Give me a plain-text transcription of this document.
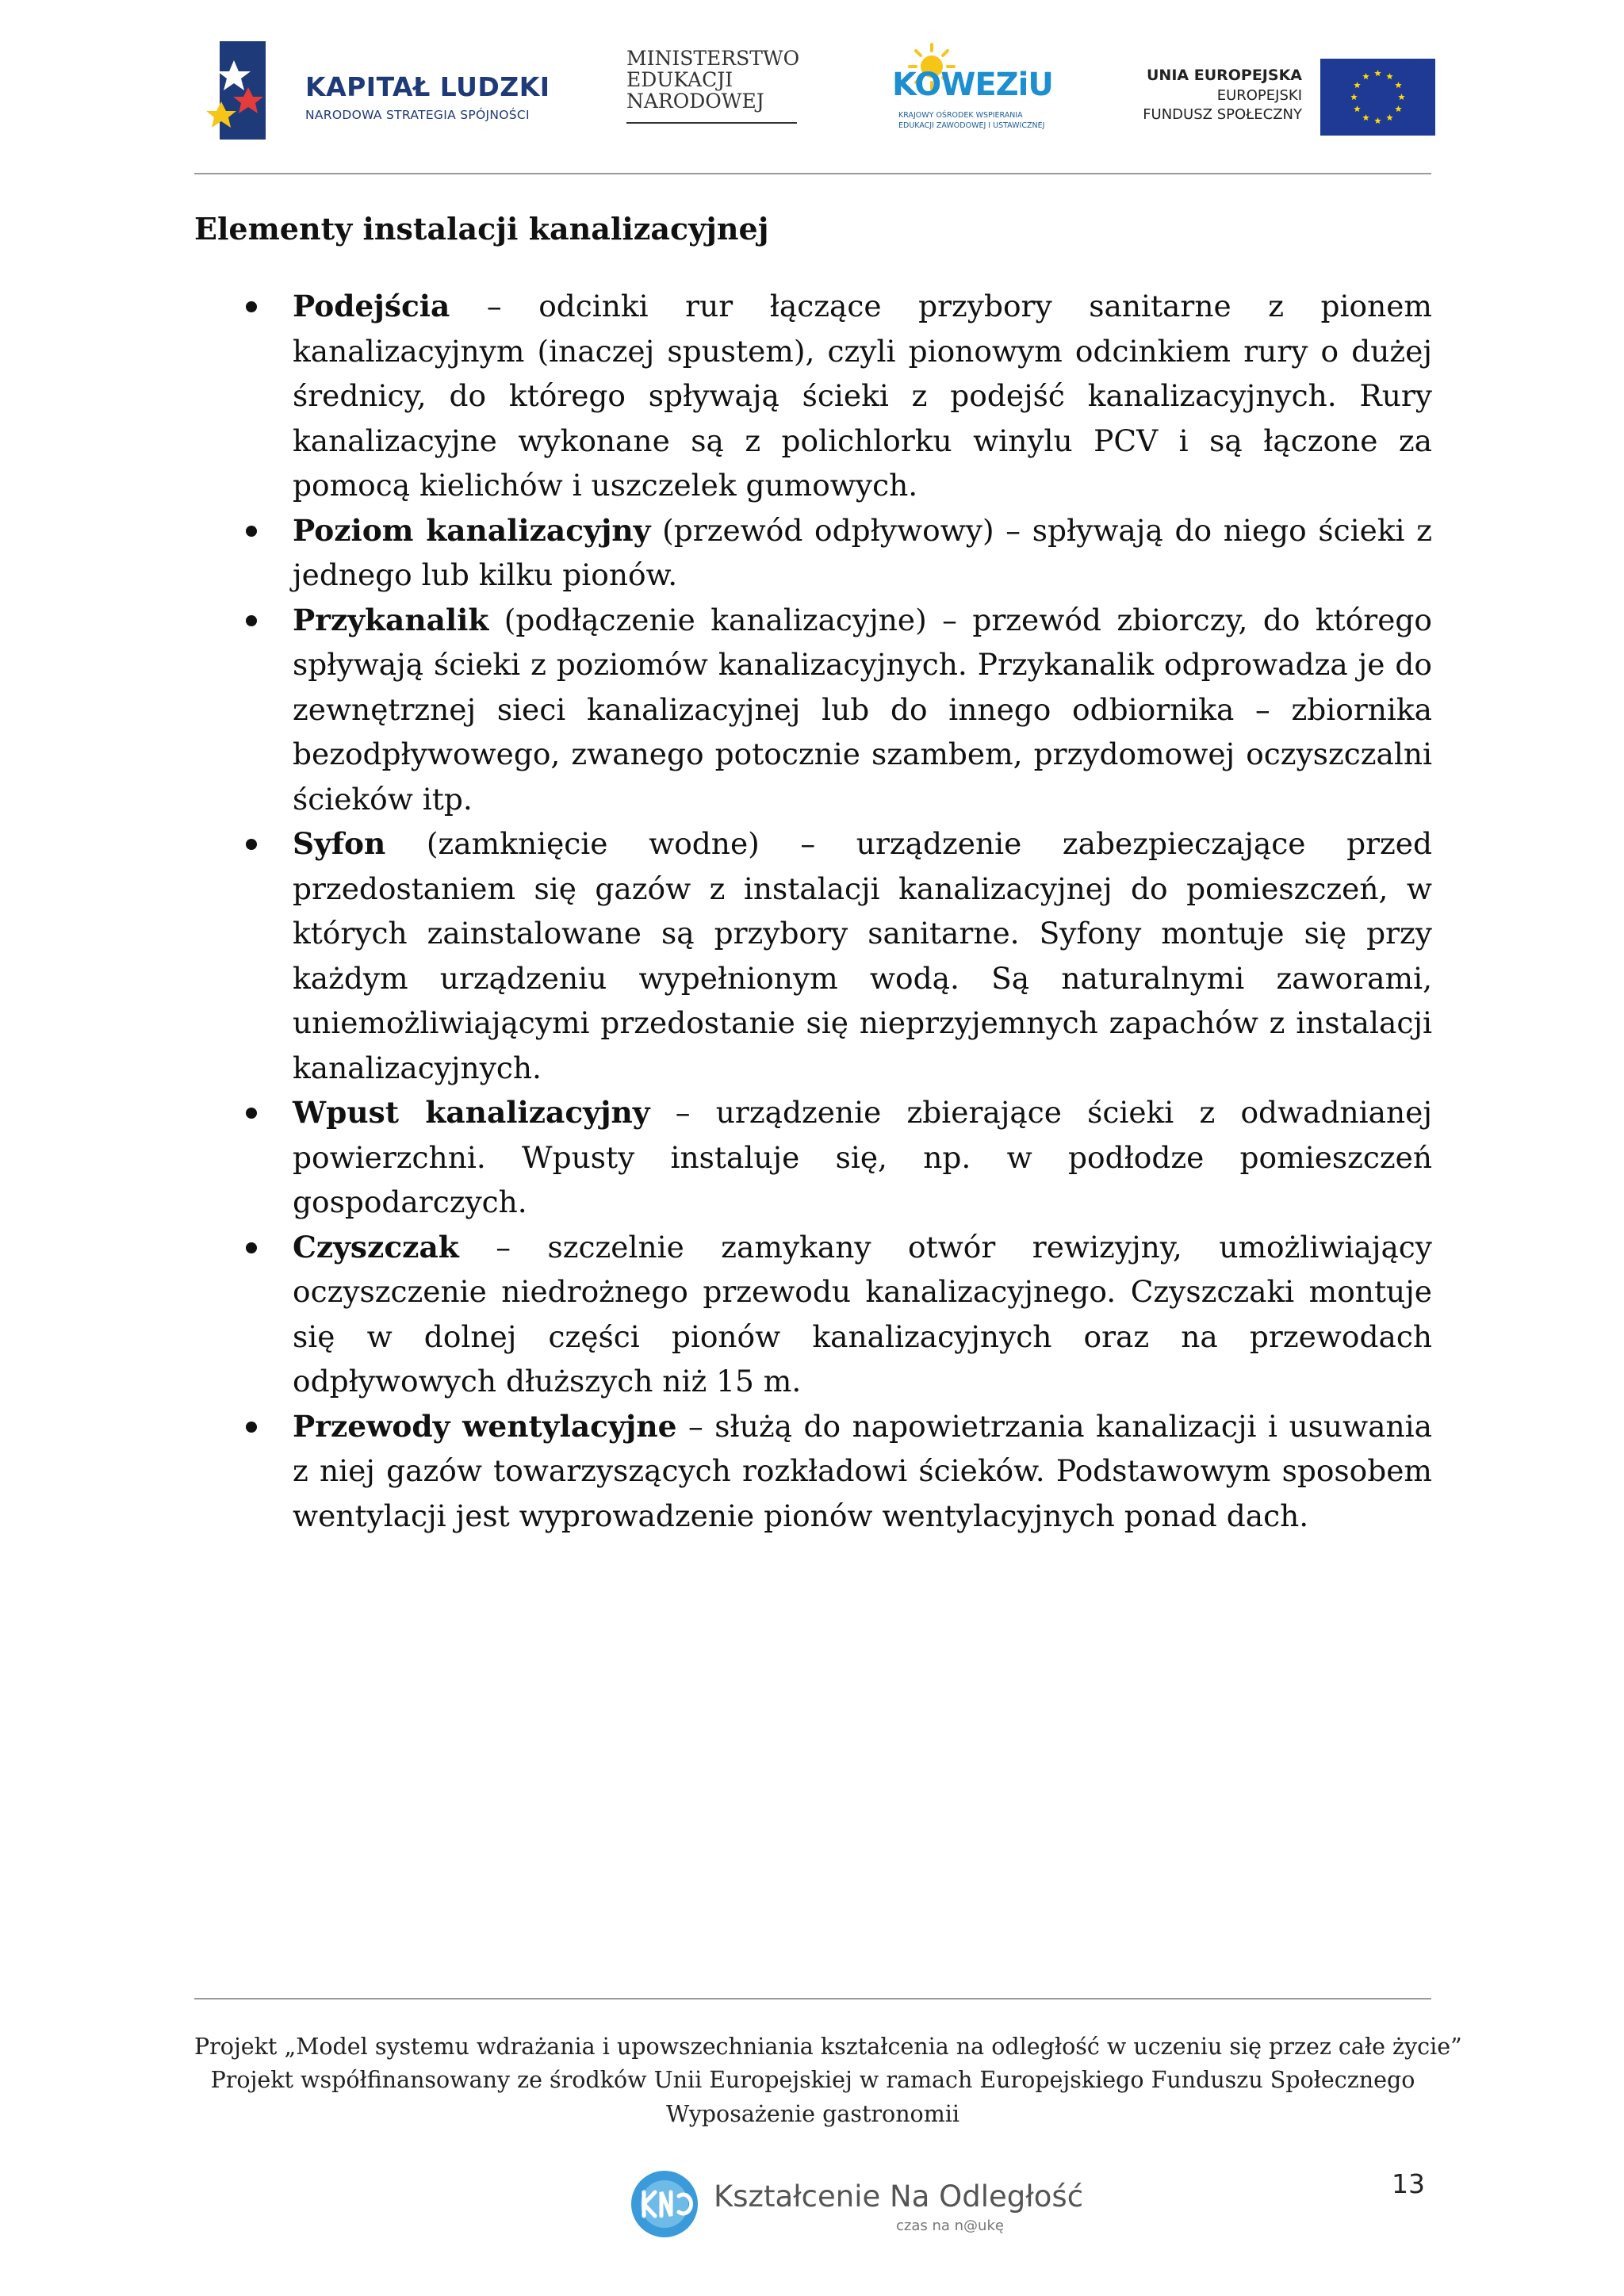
KAPITAŁ LUDZKI
NARODOWA STRATEGIA SPÓJNOŚCI
MINISTERSTWO
EDUKACJI
NARODOWEJ	KOWEZiU
KRAJOWY OŚRODEK WSPIERANIA
EDUKACJI ZAWODOWEJ I USTAWICZNEJ
UNIA EUROPEJSKA
EUROPEJSKI
FUNDUSZ SPOŁECZNY
Elementy instalacji kanalizacyjnej
Podejścia – odcinki rur łączące przybory sanitarne z pionem kanalizacyjnym (inaczej spustem), czyli pionowym odcinkiem rury o dużej średnicy, do którego spływają ścieki z podejść kanalizacyjnych. Rury kanalizacyjne wykonane są z polichlorku winylu PCV i są łączone za pomocą kielichów i uszczelek gumowych.
Poziom kanalizacyjny (przewód odpływowy) – spływają do niego ścieki z jednego lub kilku pionów.
Przykanalik (podłączenie kanalizacyjne) – przewód zbiorczy, do którego spływają ścieki z poziomów kanalizacyjnych. Przykanalik odprowadza je do zewnętrznej sieci kanalizacyjnej lub do innego odbiornika – zbiornika bezodpływowego, zwanego potocznie szambem, przydomowej oczyszczalni ścieków itp.
Syfon (zamknięcie wodne) – urządzenie zabezpieczające przed przedostaniem się gazów z instalacji kanalizacyjnej do pomieszczeń, w których zainstalowane są przybory sanitarne. Syfony montuje się przy każdym urządzeniu wypełnionym wodą. Są naturalnymi zaworami, uniemożliwiającymi przedostanie się nieprzyjemnych zapachów z instalacji kanalizacyjnych.
Wpust kanalizacyjny – urządzenie zbierające ścieki z odwadnianej powierzchni. Wpusty instaluje się, np. w podłodze pomieszczeń gospodarczych.
Czyszczak – szczelnie zamykany otwór rewizyjny, umożliwiający oczyszczenie niedrożnego przewodu kanalizacyjnego. Czyszczaki montuje się w dolnej części pionów kanalizacyjnych oraz na przewodach odpływowych dłuższych niż 15 m.
Przewody wentylacyjne – służą do napowietrzania kanalizacji i usuwania z niej gazów towarzyszących rozkładowi ścieków. Podstawowym sposobem wentylacji jest wyprowadzenie pionów wentylacyjnych ponad dach.
Projekt „Model systemu wdrażania i upowszechniania kształcenia na odległość w uczeniu się przez całe życie”
Projekt współfinansowany ze środków Unii Europejskiej w ramach Europejskiego Funduszu Społecznego
Wyposażenie gastronomii
Kształcenie Na Odległość
czas na n@ukę
13
